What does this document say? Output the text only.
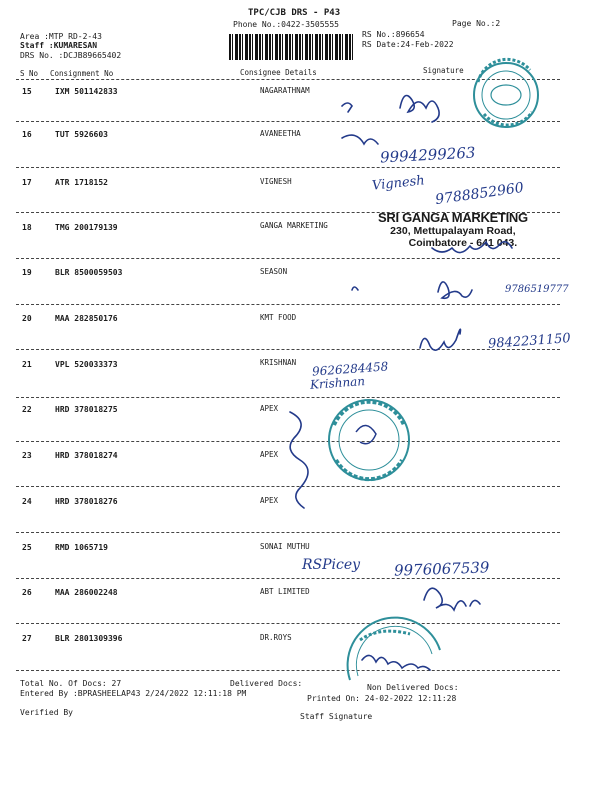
TPC/CJB DRS - P43
Phone No.:0422-3505555	Page No.:2
Area :MTP RD-2-43
Staff :KUMARESAN
DRS No. :DCJB89665402
RS No.:896654
RS Date:24-Feb-2022
S No Consignment No	Consignee Details	Signature
15	IXM 501142833	NAGARATHNAM
16	TUT 5926603	AVANEETHA
17	ATR 1718152	VIGNESH
18	TMG 200179139	GANGA MARKETING
19	BLR 8500059503	SEASON
20	MAA 282850176	KMT FOOD
21	VPL 520033373	KRISHNAN
22	HRD 378018275	APEX
23	HRD 378018274	APEX
24	HRD 378018276	APEX
25	RMD 1065719	SONAI MUTHU
26	MAA 286002248	ABT LIMITED
27	BLR 2801309396	DR.ROYS
Total No. Of Docs: 27	Delivered Docs:	Non Delivered Docs:
Entered By :BPRASHEELAP43 2/24/2022 12:11:18 PM
Printed On: 24-02-2022 12:11:28
Verified By	Staff Signature
SRI GANGA MARKETING
230, Mettupalayam Road,
Coimbatore - 641 043.
9994299263
Vignesh 9788852960
9786519777
9842231150
9626284458
Krishnan
RSPicey 9976067539
